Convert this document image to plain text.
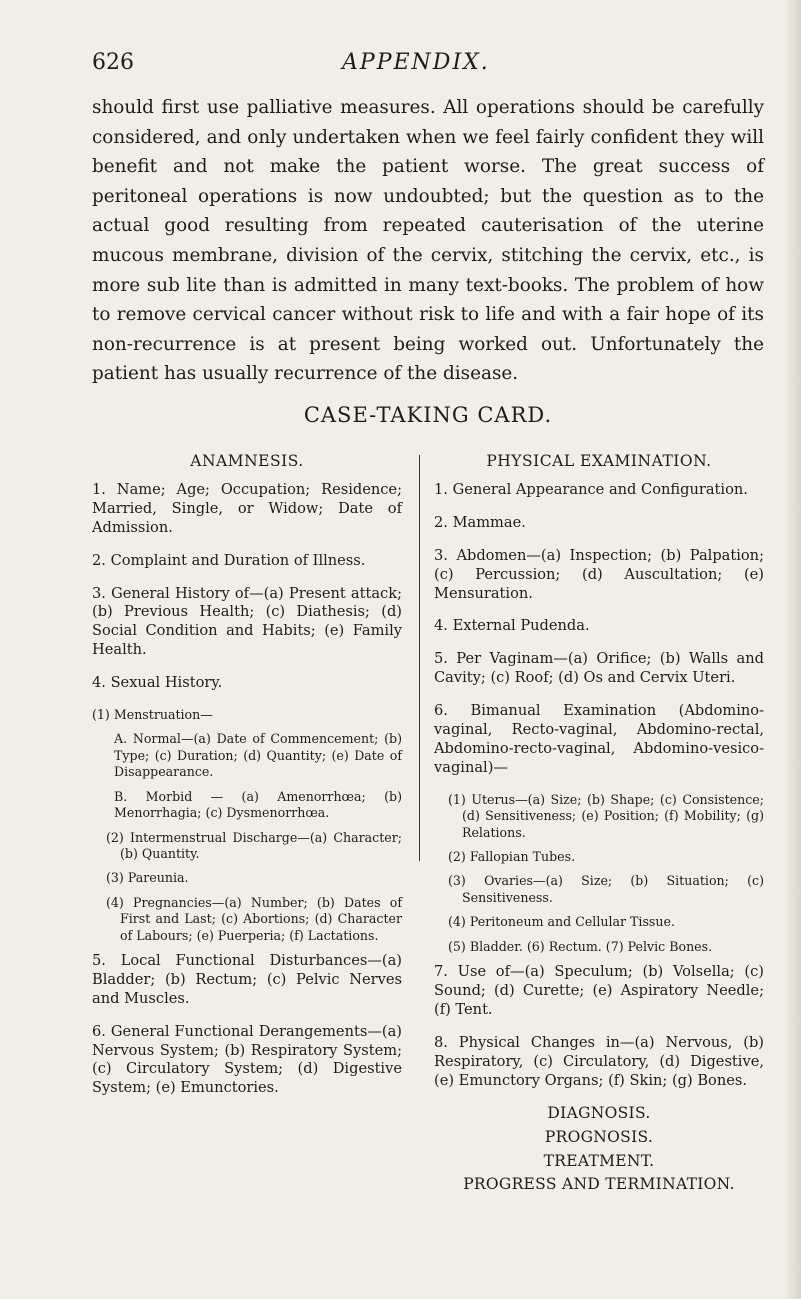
626	APPENDIX.

should first use palliative measures. All operations should be carefully considered, and only undertaken when we feel fairly confident they will benefit and not make the patient worse. The great success of peritoneal operations is now undoubted; but the question as to the actual good resulting from repeated cauterisation of the uterine mucous membrane, division of the cervix, stitching the cervix, etc., is more sub lite than is admitted in many text-books. The problem of how to remove cervical cancer without risk to life and with a fair hope of its non-recurrence is at present being worked out. Unfortunately the patient has usually recurrence of the disease.

CASE-TAKING CARD.
ANAMNESIS.

1. Name; Age; Occupation; Residence; Married, Single, or Widow; Date of Admission.

2. Complaint and Duration of Illness.

3. General History of—(a) Present attack; (b) Previous Health; (c) Diathesis; (d) Social Condition and Habits; (e) Family Health.

4. Sexual History.

(1) Menstruation—

A. Normal—(a) Date of Commencement; (b) Type; (c) Duration; (d) Quantity; (e) Date of Disappearance.

B. Morbid — (a) Amenorrhœa; (b) Menorrhagia; (c) Dysmenorrhœa.

(2) Intermenstrual Discharge—(a) Character; (b) Quantity.

(3) Pareunia.

(4) Pregnancies—(a) Number; (b) Dates of First and Last; (c) Abortions; (d) Character of Labours; (e) Puerperia; (f) Lactations.

5. Local Functional Disturbances—(a) Bladder; (b) Rectum; (c) Pelvic Nerves and Muscles.

6. General Functional Derangements—(a) Nervous System; (b) Respiratory System; (c) Circulatory System; (d) Digestive System; (e) Emunctories.

PHYSICAL EXAMINATION.

1. General Appearance and Configuration.

2. Mammae.

3. Abdomen—(a) Inspection; (b) Palpation; (c) Percussion; (d) Auscultation; (e) Mensuration.

4. External Pudenda.

5. Per Vaginam—(a) Orifice; (b) Walls and Cavity; (c) Roof; (d) Os and Cervix Uteri.

6. Bimanual Examination (Abdomino-vaginal, Recto-vaginal, Abdomino-rectal, Abdomino-recto-vaginal, Abdomino-vesico-vaginal)—

(1) Uterus—(a) Size; (b) Shape; (c) Consistence; (d) Sensitiveness; (e) Position; (f) Mobility; (g) Relations.

(2) Fallopian Tubes.

(3) Ovaries—(a) Size; (b) Situation; (c) Sensitiveness.

(4) Peritoneum and Cellular Tissue.

(5) Bladder. (6) Rectum. (7) Pelvic Bones.

7. Use of—(a) Speculum; (b) Volsella; (c) Sound; (d) Curette; (e) Aspiratory Needle; (f) Tent.

8. Physical Changes in—(a) Nervous, (b) Respiratory, (c) Circulatory, (d) Digestive, (e) Emunctory Organs; (f) Skin; (g) Bones.

DIAGNOSIS.
PROGNOSIS.
TREATMENT.
PROGRESS AND TERMINATION.
